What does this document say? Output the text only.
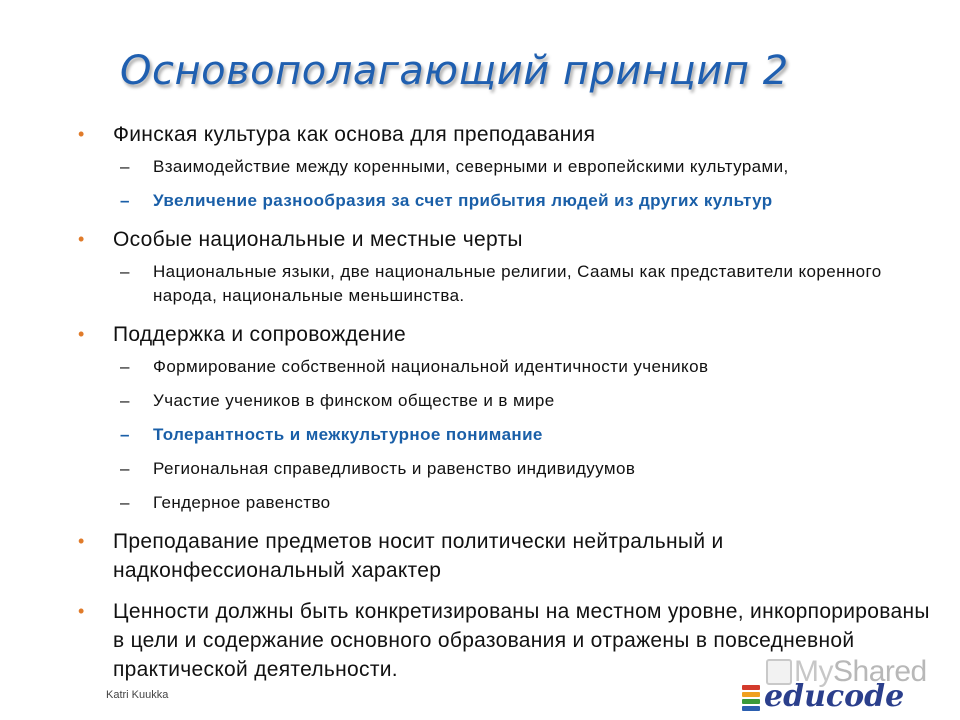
Основополагающий принцип 2
• Финская культура как основа для преподавания
– Взаимодействие между коренными, северными и европейскими культурами,
– Увеличение разнообразия за счет прибытия людей из других культур
• Особые национальные и местные черты
– Национальные языки, две национальные религии, Саамы как представители коренного народа, национальные меньшинства.
• Поддержка и сопровождение
– Формирование собственной национальной идентичности учеников
– Участие учеников в финском обществе и в мире
– Толерантность и межкультурное понимание
– Региональная справедливость и равенство индивидуумов
– Гендерное равенство
• Преподавание предметов носит политически нейтральный и надконфессиональный характер
• Ценности должны быть конкретизированы на местном уровне, инкорпорированы в цели и содержание основного образования и отражены в повседневной практической деятельности.
Katri Kuukka
MyShared
educode
